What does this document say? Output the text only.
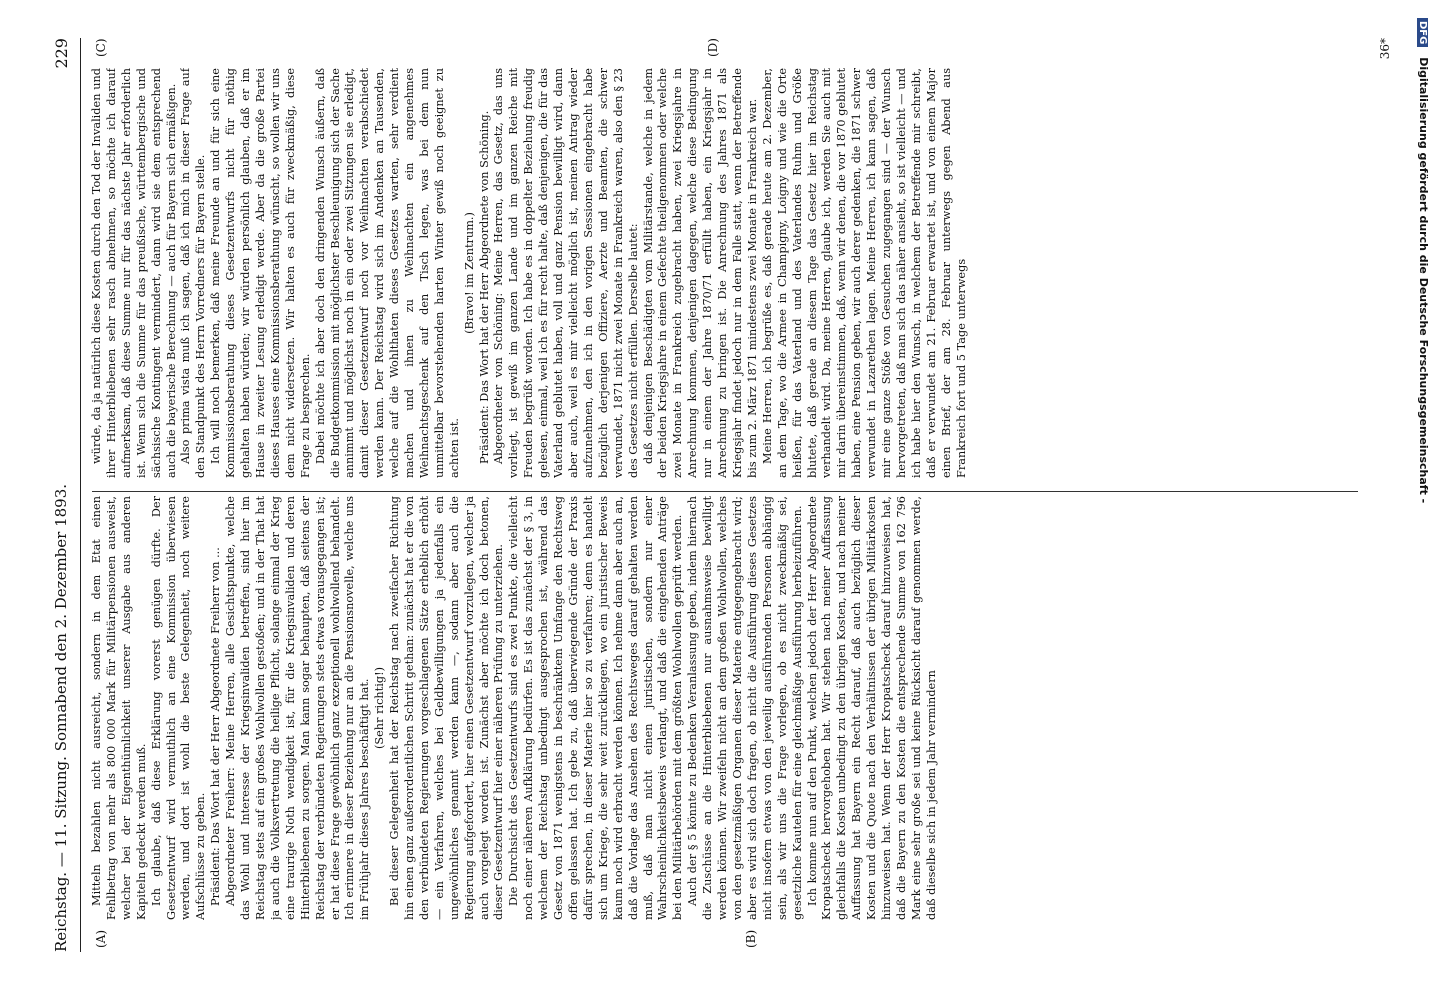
Reichstag. — 11. Sitzung. Sonnabend den 2. Dezember 1893.
229
(A)	(B)
(C)	(D)

Mitteln bezahlen nicht ausreicht, sondern in dem Etat einen Fehlbetrag von mehr als 800 000 Mark für Militärpensionen ausweist, welcher bei der Eigenthümlichkeit unserer Ausgabe aus anderen Kapiteln gedeckt werden muß. Ich glaube, daß diese Erklärung vorerst genügen dürfte. Der Gesetzentwurf wird vermuthlich an eine Kommission überwiesen werden, und dort ist wohl die beste Gelegenheit, noch weitere Aufschlüsse zu geben. Präsident: Das Wort hat der Herr Abgeordnete Freiherr von ... Abgeordneter Freiherr: Meine Herren, alle Gesichtspunkte, welche das Wohl und Interesse der Kriegsinvaliden betreffen, sind hier im Reichstag stets auf ein großes Wohlwollen gestoßen; und in der That hat ja auch die Volksvertretung die heilige Pflicht, solange einmal der Krieg eine traurige Noth wendigkeit ist, für die Kriegsinvaliden und deren Hinterbliebenen zu sorgen. Man kann sogar behaupten, daß seitens der Reichstag der verbündeten Regierungen stets etwas vorausgegangen ist; er hat diese Frage gewöhnlich ganz exzeptionell wohlwollend behandelt. Ich erinnere in dieser Beziehung nur an die Pensionsnovelle, welche uns im Frühjahr dieses Jahres beschäftigt hat. (Sehr richtig!) Bei dieser Gelegenheit hat der Reichstag nach zweifacher Richtung hin einen ganz außerordentlichen Schritt gethan: zunächst hat er die von den verbündeten Regierungen vorgeschlagenen Sätze erheblich erhöht — ein Verfahren, welches bei Geldbewilligungen ja jedenfalls ein ungewöhnliches genannt werden kann —, sodann aber auch die Regierung aufgefordert, hier einen Gesetzentwurf vorzulegen, welcher ja auch vorgelegt worden ist. Zunächst aber möchte ich doch betonen, dieser Gesetzentwurf hier einer näheren Prüfung zu unterziehen. Die Durchsicht des Gesetzentwurfs sind es zwei Punkte, die vielleicht noch einer näheren Aufklärung bedürfen. Es ist das zunächst der § 3, in welchem der Reichstag unbedingt ausgesprochen ist, während das Gesetz von 1871 wenigstens in beschränktem Umfange den Rechtsweg offen gelassen hat. Ich gebe zu, daß überwiegende Gründe der Praxis dafür sprechen, in dieser Materie hier so zu verfahren; denn es handelt sich um Kriege, die sehr weit zurückliegen, wo ein juristischer Beweis kaum noch wird erbracht werden können. Ich nehme dann aber auch an, daß die Vorlage das Ansehen des Rechtsweges darauf gehalten werden muß, daß man nicht einen juristischen, sondern nur einer Wahrscheinlichkeitsbeweis verlangt, und daß die eingehenden Anträge bei den Militärbehörden mit dem größten Wohlwollen geprüft werden. Auch der § 5 könnte zu Bedenken Veranlassung geben, indem hiernach die Zuschüsse an die Hinterbliebenen nur ausnahmsweise bewilligt werden können. Wir zweifeln nicht an dem großen Wohlwollen, welches von den gesetzmäßigen Organen dieser Materie entgegengebracht wird; aber es wird sich doch fragen, ob nicht die Ausführung dieses Gesetzes nicht insofern etwas von den jeweilig ausführenden Personen abhängig sein, als wir uns die Frage vorlegen, ob es nicht zweckmäßig sei, gesetzliche Kautelen für eine gleichmäßige Ausführung herbeizuführen. Ich komme nun auf den Punkt, welchen jedoch der Herr Abgeordnete Kropatscheck hervorgehoben hat. Wir stehen nach meiner Auffassung gleichfalls die Kosten unbedingt zu den übrigen Kosten, und nach meiner Auffassung hat Bayern ein Recht darauf, daß auch bezüglich dieser Kosten und die Quote nach den Verhältnissen der übrigen Militärkosten hinzuweisen hat. Wenn der Herr Kropatscheck darauf hinzuweisen hat, daß die Bayern zu den Kosten die entsprechende Summe von 162 796 Mark eine sehr große sei und keine Rücksicht darauf genommen werde, daß dieselbe sich in jedem Jahr vermindern

würde, da ja natürlich diese Kosten durch den Tod der Invaliden und ihrer Hinterbliebenen sehr rasch abnehmen, so möchte ich darauf aufmerksam, daß diese Summe nur für das nächste Jahr erforderlich ist. Wenn sich die Summe für das preußische, württembergische und sächsische Kontingent vermindert, dann wird sie dem entsprechend auch die bayerische Berechnung — auch für Bayern sich ermäßigen. Also prima vista muß ich sagen, daß ich mich in dieser Frage auf den Standpunkt des Herrn Vorredners für Bayern stelle. Ich will noch bemerken, daß meine Freunde an und für sich eine Kommissionsberathung dieses Gesetzentwurfs nicht für nöthig gehalten haben würden; wir würden persönlich glauben, daß er im Hause in zweiter Lesung erledigt werde. Aber da die große Partei dieses Hauses eine Kommissionsberathung wünscht, so wollen wir uns dem nicht widersetzen. Wir halten es auch für zweckmäßig, diese Frage zu besprechen. Dabei möchte ich aber doch den dringenden Wunsch äußern, daß die Budgetkommission mit möglichster Beschleunigung sich der Sache annimmt und möglichst noch in ein oder zwei Sitzungen sie erledigt, damit dieser Gesetzentwurf noch vor Weihnachten verabschiedet werden kann. Der Reichstag wird sich im Andenken an Tausenden, welche auf die Wohlthaten dieses Gesetzes warten, sehr verdient machen und ihnen zu Weihnachten ein angenehmes Weihnachtsgeschenk auf den Tisch legen, was bei dem nun unmittelbar bevorstehenden harten Winter gewiß noch geeignet zu achten ist.

(Bravo! im Zentrum.) Präsident: Das Wort hat der Herr Abgeordnete von Schöning. Abgeordneter von Schöning: Meine Herren, das Gesetz, das uns vorliegt, ist gewiß im ganzen Lande und im ganzen Reiche mit Freuden begrüßt worden. Ich habe es in doppelter Beziehung freudig gelesen, einmal, weil ich es für recht halte, daß denjenigen, die für das Vaterland geblutet haben, voll und ganz Pension bewilligt wird, dann aber auch, weil es mir vielleicht möglich ist, meinen Antrag wieder aufzunehmen, den ich in den vorigen Sessionen eingebracht habe bezüglich derjenigen Offiziere, Aerzte und Beamten, die schwer verwundet, 1871 nicht zwei Monate in Frankreich waren, also den § 23 des Gesetzes nicht erfüllen. Derselbe lautet: daß denjenigen Beschädigten vom Militärstande, welche in jedem der beiden Kriegsjahre in einem Gefechte theilgenommen oder welche zwei Monate in Frankreich zugebracht haben, zwei Kriegsjahre in Anrechnung kommen, denjenigen dagegen, welche diese Bedingung nur in einem der Jahre 1870/71 erfüllt haben, ein Kriegsjahr in Anrechnung zu bringen ist. Die Anrechnung des Jahres 1871 als Kriegsjahr findet jedoch nur in dem Falle statt, wenn der Betreffende bis zum 2. März 1871 mindestens zwei Monate in Frankreich war. Meine Herren, ich begrüße es, daß gerade heute am 2. Dezember, an dem Tage, wo die Armee in Champigny, Loigny und wie die Orte heißen, für das Vaterland und des Vaterlandes Ruhm und Größe blutete, daß gerade an diesem Tage das Gesetz hier im Reichstag verhandelt wird. Da, meine Herren, glaube ich, werden Sie auch mit mir darin übereinstimmen, daß, wenn wir denen, die vor 1870 geblutet haben, eine Pension geben, wir auch derer gedenken, die 1871 schwer verwundet in Lazarethen lagen. Meine Herren, ich kann sagen, daß mir eine ganze Stöße von Gesuchen zugegangen sind — der Wunsch hervorgetreten, daß man sich das näher ansieht, so ist vielleicht — und ich habe hier den Wunsch, in welchem der Betreffende mir schreibt, daß er verwundet am 21. Februar erwartet ist, und von einem Major einen Brief, der am 28. Februar unterwegs gegen Abend aus Frankreich fort und 5 Tage unterwegs

36*
DFG Digitalisierung gefördert durch die Deutsche Forschungsgemeinschaft -
